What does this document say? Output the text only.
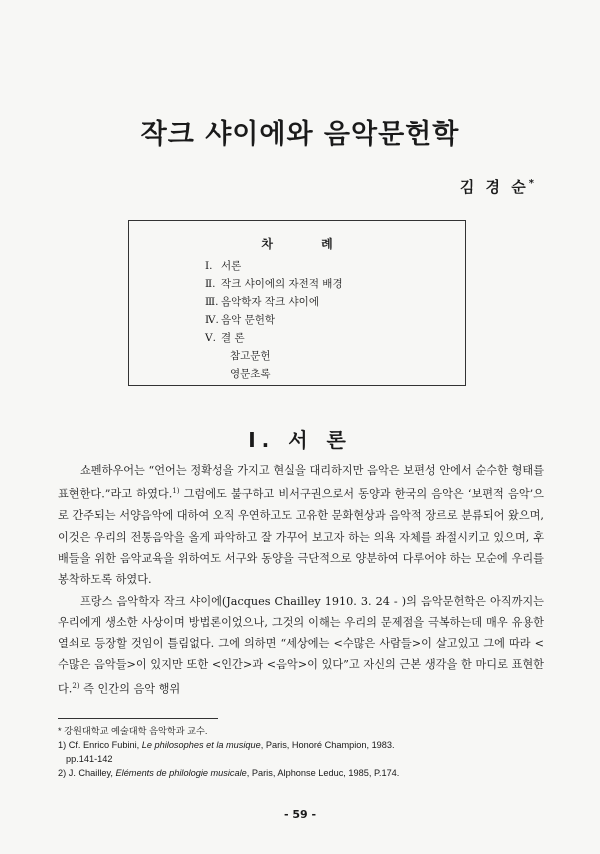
작크 샤이에와 음악문헌학
김 경 순*
차 례
Ⅰ. 서론
Ⅱ. 작크 샤이에의 자전적 배경
Ⅲ. 음악학자 작크 샤이에
Ⅳ. 음악 문헌학
Ⅴ. 결 론
참고문헌
영문초록
Ⅰ. 서 론

쇼펜하우어는 “언어는 정확성을 가지고 현실을 대리하지만 음악은 보편성 안에서 순수한 형태를 표현한다.”라고 하였다.$^{1)}$ 그럼에도 불구하고 비서구권으로서 동양과 한국의 음악은 ‘보편적 음악’으로 간주되는 서양음악에 대하여 오직 우연하고도 고유한 문화현상과 음악적 장르로 분류되어 왔으며, 이것은 우리의 전통음악을 올게 파악하고 잘 가꾸어 보고자 하는 의욕 자체를 좌절시키고 있으며, 후배들을 위한 음악교육을 위하여도 서구와 동양을 극단적으로 양분하여 다루어야 하는 모순에 우리를 봉착하도록 하였다.

프랑스 음악학자 작크 샤이에(Jacques Chailley 1910. 3. 24 - )의 음악문헌학은 아직까지는 우리에게 생소한 사상이며 방법론이었으나, 그것의 이해는 우리의 문제점을 극복하는데 매우 유용한 열쇠로 등장할 것임이 틀림없다. 그에 의하면 “세상에는 <수많은 사람들>이 살고있고 그에 따라 <수많은 음악들>이 있지만 또한 <인간>과 <음악>이 있다”고 자신의 근본 생각을 한 마디로 표현한다.$^{2)}$ 즉 인간의 음악 행위

* 강원대학교 예술대학 음악학과 교수.
1) Cf. Enrico Fubini, Le philosophes et la musique, Paris, Honoré Champion, 1983.
pp.141-142
2) J. Chailley, Eléments de philologie musicale, Paris, Alphonse Leduc, 1985, P.174.
- 59 -
